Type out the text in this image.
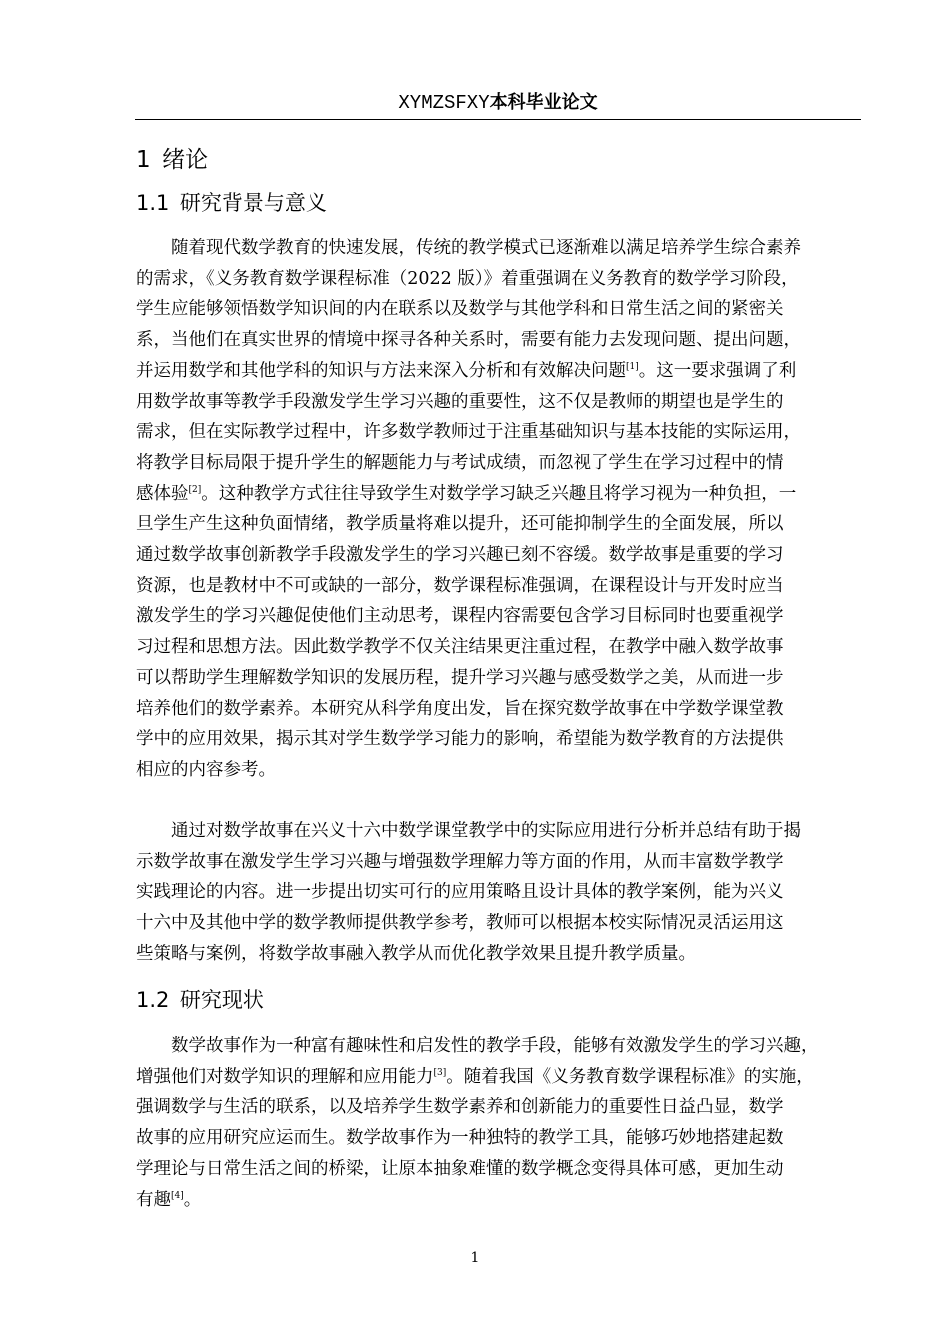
XYMZSFXY本科毕业论文
1  绪论
1.1  研究背景与意义
随着现代数学教育的快速发展，传统的教学模式已逐渐难以满足培养学生综合素养
的需求，《义务教育数学课程标准（2022 版）》着重强调在义务教育的数学学习阶段，
学生应能够领悟数学知识间的内在联系以及数学与其他学科和日常生活之间的紧密关
系，当他们在真实世界的情境中探寻各种关系时，需要有能力去发现问题、提出问题，
并运用数学和其他学科的知识与方法来深入分析和有效解决问题[1]。这一要求强调了利
用数学故事等教学手段激发学生学习兴趣的重要性，这不仅是教师的期望也是学生的
需求，但在实际教学过程中，许多数学教师过于注重基础知识与基本技能的实际运用，
将教学目标局限于提升学生的解题能力与考试成绩，而忽视了学生在学习过程中的情
感体验[2]。这种教学方式往往导致学生对数学学习缺乏兴趣且将学习视为一种负担，一
旦学生产生这种负面情绪，教学质量将难以提升，还可能抑制学生的全面发展，所以
通过数学故事创新教学手段激发学生的学习兴趣已刻不容缓。数学故事是重要的学习
资源，也是教材中不可或缺的一部分，数学课程标准强调，在课程设计与开发时应当
激发学生的学习兴趣促使他们主动思考，课程内容需要包含学习目标同时也要重视学
习过程和思想方法。因此数学教学不仅关注结果更注重过程，在教学中融入数学故事
可以帮助学生理解数学知识的发展历程，提升学习兴趣与感受数学之美，从而进一步
培养他们的数学素养。本研究从科学角度出发，旨在探究数学故事在中学数学课堂教
学中的应用效果，揭示其对学生数学学习能力的影响，希望能为数学教育的方法提供
相应的内容参考。
通过对数学故事在兴义十六中数学课堂教学中的实际应用进行分析并总结有助于揭
示数学故事在激发学生学习兴趣与增强数学理解力等方面的作用，从而丰富数学教学
实践理论的内容。进一步提出切实可行的应用策略且设计具体的教学案例，能为兴义
十六中及其他中学的数学教师提供教学参考，教师可以根据本校实际情况灵活运用这
些策略与案例，将数学故事融入教学从而优化教学效果且提升教学质量。
1.2  研究现状
数学故事作为一种富有趣味性和启发性的教学手段，能够有效激发学生的学习兴趣，
增强他们对数学知识的理解和应用能力[3]。随着我国《义务教育数学课程标准》的实施，
强调数学与生活的联系，以及培养学生数学素养和创新能力的重要性日益凸显，数学
故事的应用研究应运而生。数学故事作为一种独特的教学工具，能够巧妙地搭建起数
学理论与日常生活之间的桥梁，让原本抽象难懂的数学概念变得具体可感，更加生动
有趣[4]。
1
